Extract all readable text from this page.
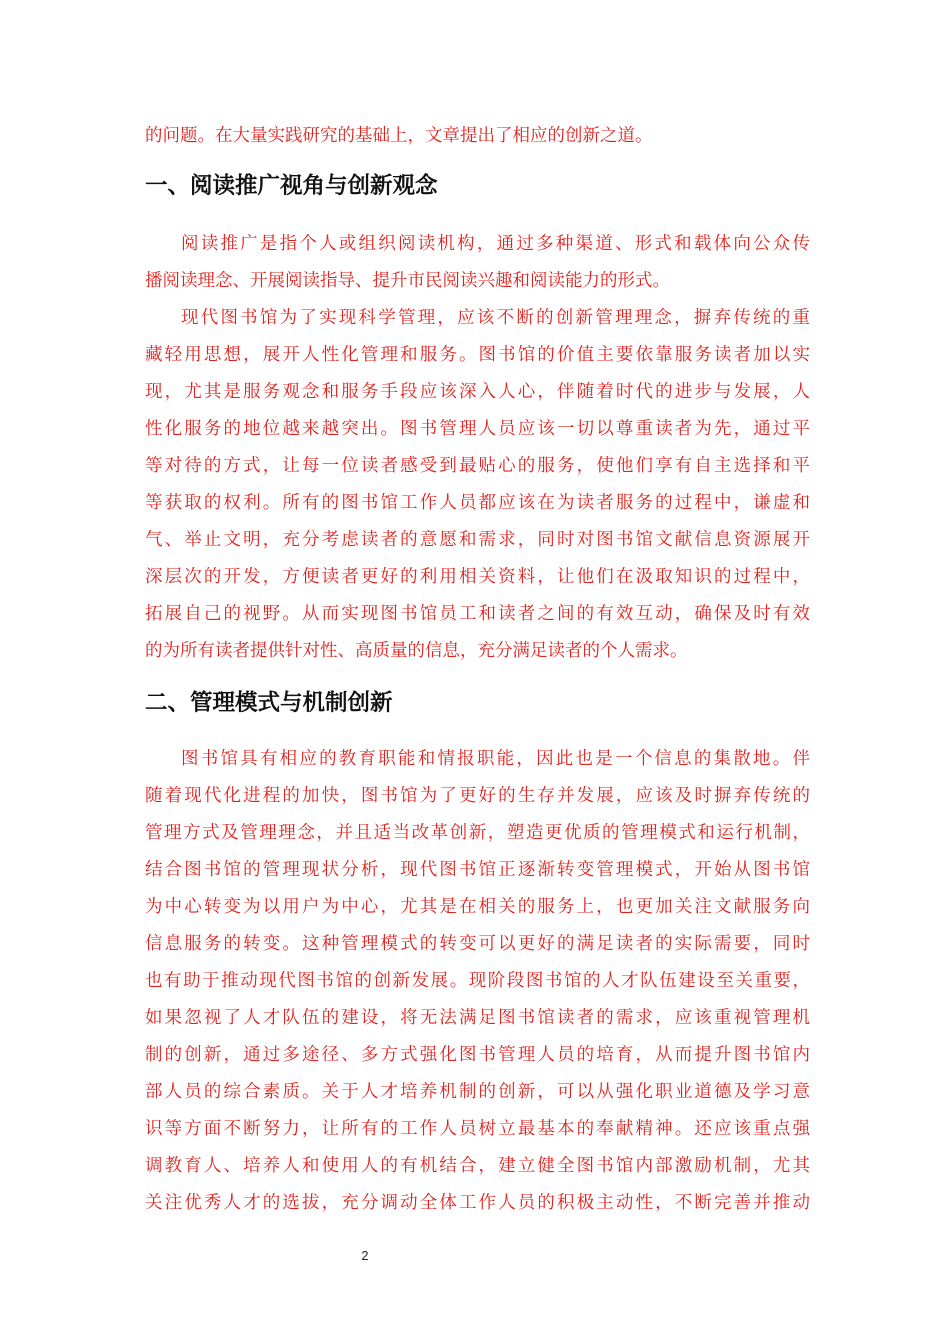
的问题。在大量实践研究的基础上，文章提出了相应的创新之道。
一、阅读推广视角与创新观念
阅读推广是指个人或组织阅读机构，通过多种渠道、形式和载体向公众传
播阅读理念、开展阅读指导、提升市民阅读兴趣和阅读能力的形式。
现代图书馆为了实现科学管理，应该不断的创新管理理念，摒弃传统的重
藏轻用思想，展开人性化管理和服务。图书馆的价值主要依靠服务读者加以实
现，尤其是服务观念和服务手段应该深入人心，伴随着时代的进步与发展，人
性化服务的地位越来越突出。图书管理人员应该一切以尊重读者为先，通过平
等对待的方式，让每一位读者感受到最贴心的服务，使他们享有自主选择和平
等获取的权利。所有的图书馆工作人员都应该在为读者服务的过程中，谦虚和
气、举止文明，充分考虑读者的意愿和需求，同时对图书馆文献信息资源展开
深层次的开发，方便读者更好的利用相关资料，让他们在汲取知识的过程中，
拓展自己的视野。从而实现图书馆员工和读者之间的有效互动，确保及时有效
的为所有读者提供针对性、高质量的信息，充分满足读者的个人需求。
二、管理模式与机制创新
图书馆具有相应的教育职能和情报职能，因此也是一个信息的集散地。伴
随着现代化进程的加快，图书馆为了更好的生存并发展，应该及时摒弃传统的
管理方式及管理理念，并且适当改革创新，塑造更优质的管理模式和运行机制，
结合图书馆的管理现状分析，现代图书馆正逐渐转变管理模式，开始从图书馆
为中心转变为以用户为中心，尤其是在相关的服务上，也更加关注文献服务向
信息服务的转变。这种管理模式的转变可以更好的满足读者的实际需要，同时
也有助于推动现代图书馆的创新发展。现阶段图书馆的人才队伍建设至关重要，
如果忽视了人才队伍的建设，将无法满足图书馆读者的需求，应该重视管理机
制的创新，通过多途径、多方式强化图书管理人员的培育，从而提升图书馆内
部人员的综合素质。关于人才培养机制的创新，可以从强化职业道德及学习意
识等方面不断努力，让所有的工作人员树立最基本的奉献精神。还应该重点强
调教育人、培养人和使用人的有机结合，建立健全图书馆内部激励机制，尤其
关注优秀人才的选拔，充分调动全体工作人员的积极主动性，不断完善并推动
2
